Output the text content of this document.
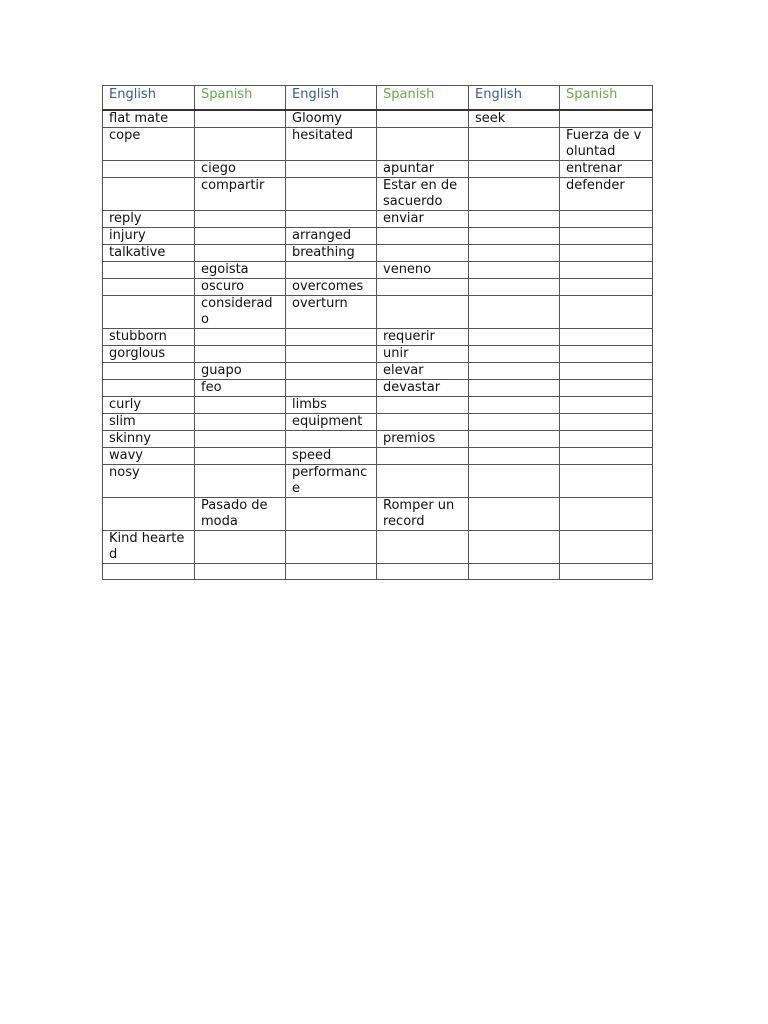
English	Spanish	English	Spanish	English	Spanish
flat mate		Gloomy		seek	
cope		hesitated			Fuerza de voluntad
	ciego		apuntar		entrenar
	compartir		Estar en desacuerdo		defender
reply			enviar		
injury		arranged			
talkative		breathing			
	egoista		veneno		
	oscuro	overcomes			
	considerado	overturn			
stubborn			requerir		
gorglous			unir		
	guapo		elevar		
	feo		devastar		
curly		limbs			
slim		equipment			
skinny			premios		
wavy		speed			
nosy		performance			
	Pasado de moda		Romper un record		
Kind hearted					
